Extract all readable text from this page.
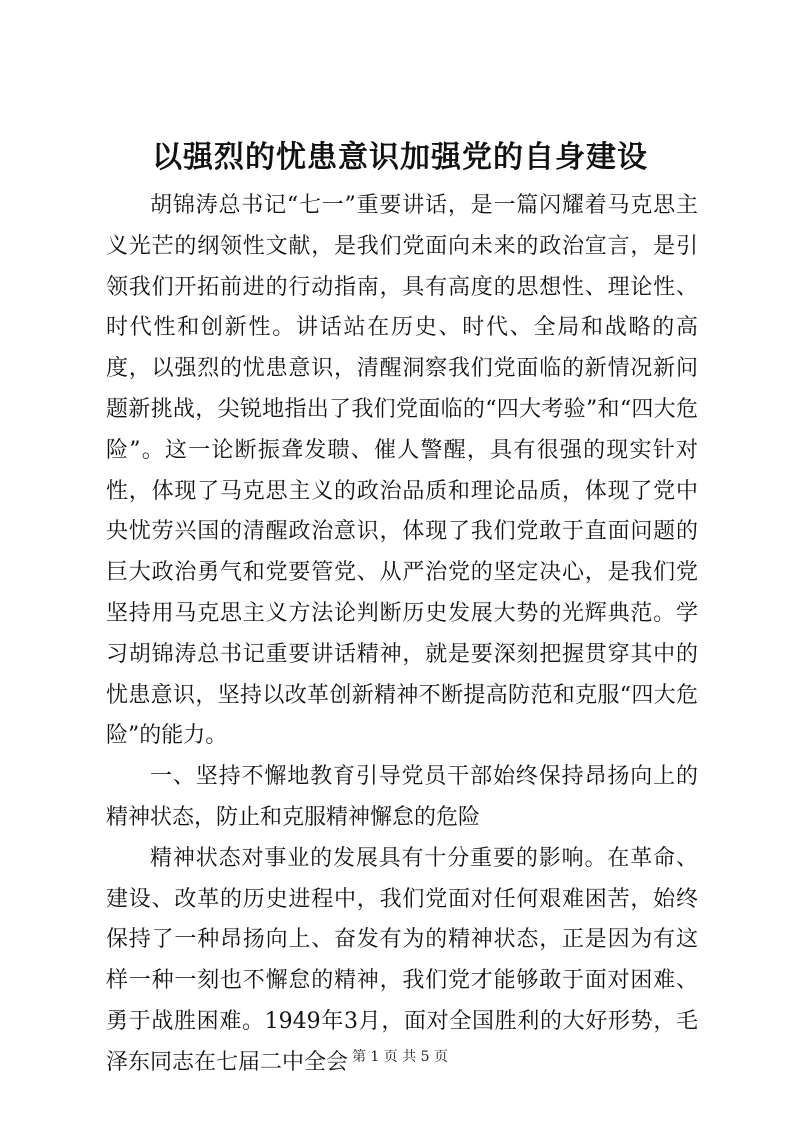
以强烈的忧患意识加强党的自身建设

胡锦涛总书记“七一”重要讲话，是一篇闪耀着马克思主义光芒的纲领性文献，是我们党面向未来的政治宣言，是引领我们开拓前进的行动指南，具有高度的思想性、理论性、时代性和创新性。讲话站在历史、时代、全局和战略的高度，以强烈的忧患意识，清醒洞察我们党面临的新情况新问题新挑战，尖锐地指出了我们党面临的“四大考验”和“四大危险”。这一论断振聋发聩、催人警醒，具有很强的现实针对性，体现了马克思主义的政治品质和理论品质，体现了党中央忧劳兴国的清醒政治意识，体现了我们党敢于直面问题的巨大政治勇气和党要管党、从严治党的坚定决心，是我们党坚持用马克思主义方法论判断历史发展大势的光辉典范。学习胡锦涛总书记重要讲话精神，就是要深刻把握贯穿其中的忧患意识，坚持以改革创新精神不断提高防范和克服“四大危险”的能力。

一、坚持不懈地教育引导党员干部始终保持昂扬向上的精神状态，防止和克服精神懈怠的危险

精神状态对事业的发展具有十分重要的影响。在革命、建设、改革的历史进程中，我们党面对任何艰难困苦，始终保持了一种昂扬向上、奋发有为的精神状态，正是因为有这样一种一刻也不懈怠的精神，我们党才能够敢于面对困难、勇于战胜困难。1949年3月，面对全国胜利的大好形势，毛泽东同志在七届二中全会 第 1 页 共 5 页
